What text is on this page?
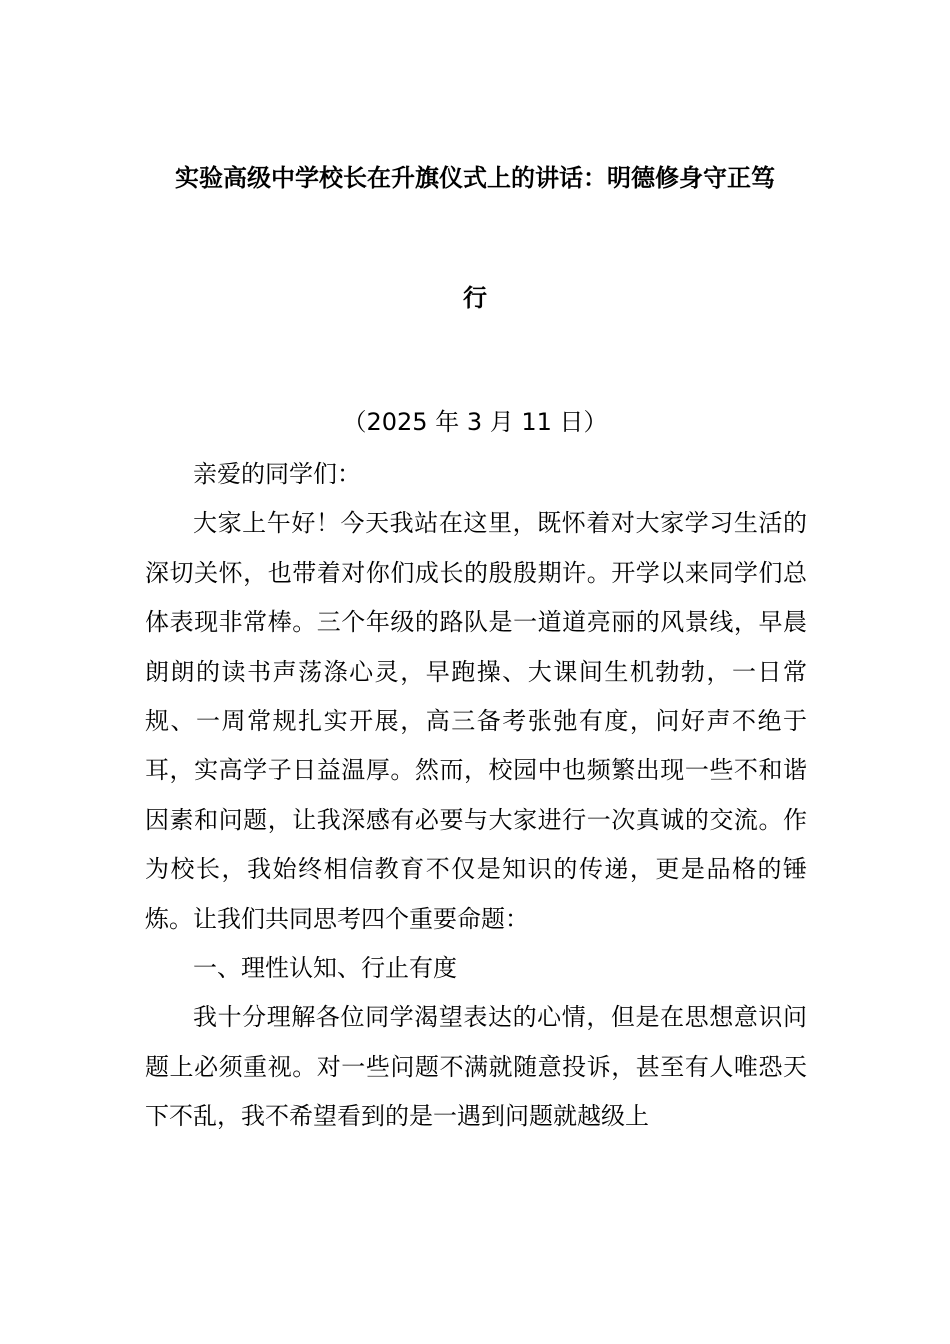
实验高级中学校长在升旗仪式上的讲话：明德修身守正笃
行
（2025 年 3 月 11 日）

亲爱的同学们：

大家上午好！今天我站在这里，既怀着对大家学习生活的深切关怀，也带着对你们成长的殷殷期许。开学以来同学们总体表现非常棒。三个年级的路队是一道道亮丽的风景线，早晨朗朗的读书声荡涤心灵，早跑操、大课间生机勃勃，一日常规、一周常规扎实开展，高三备考张弛有度，问好声不绝于耳，实高学子日益温厚。然而，校园中也频繁出现一些不和谐因素和问题，让我深感有必要与大家进行一次真诚的交流。作为校长，我始终相信教育不仅是知识的传递，更是品格的锤炼。让我们共同思考四个重要命题：

一、理性认知、行止有度

我十分理解各位同学渴望表达的心情，但是在思想意识问题上必须重视。对一些问题不满就随意投诉，甚至有人唯恐天下不乱，我不希望看到的是一遇到问题就越级上
